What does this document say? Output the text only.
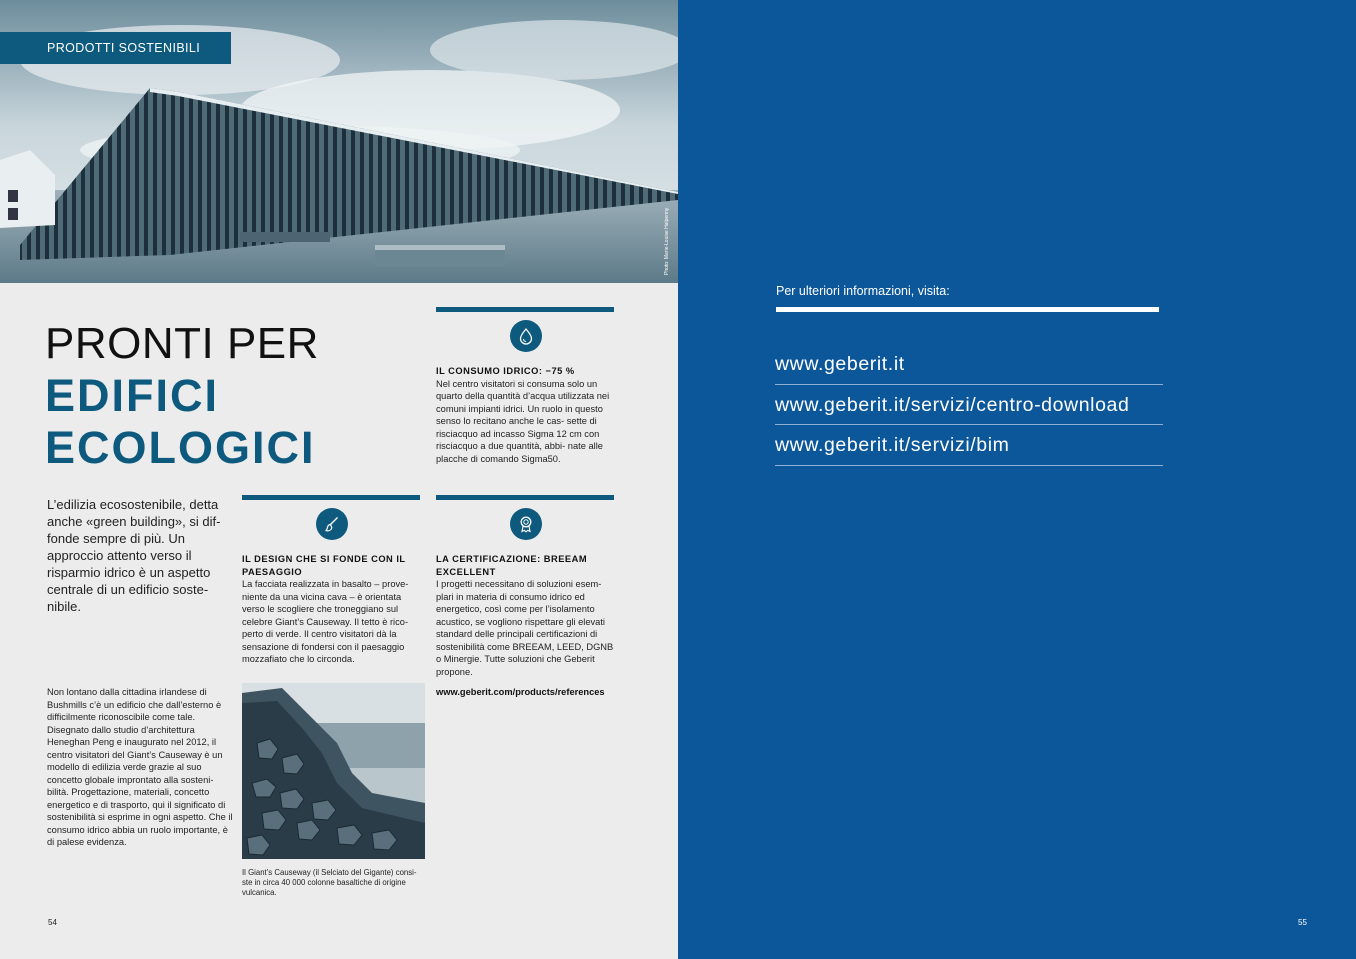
PRODOTTI SOSTENIBILI
Photo: Marie-Louise Halpenny
PRONTI PER
EDIFICI
ECOLOGICI
L’edilizia ecosostenibile, detta anche «green building», si dif- fonde sempre di più. Un approccio attento verso il risparmio idrico è un aspetto centrale di un edificio soste- nibile.
Non lontano dalla cittadina irlandese di Bushmills c’è un edificio che dall’esterno è difficilmente riconoscibile come tale. Disegnato dallo studio d’architettura Heneghan Peng e inaugurato nel 2012, il centro visitatori del Giant’s Causeway è un modello di edilizia verde grazie al suo concetto globale improntato alla sosteni- bilità. Progettazione, materiali, concetto energetico e di trasporto, qui il significato di sostenibilità si esprime in ogni aspetto. Che il consumo idrico abbia un ruolo importante, è di palese evidenza.
IL CONSUMO IDRICO: −75 %
Nel centro visitatori si consuma solo un quarto della quantità d’acqua utilizzata nei comuni impianti idrici. Un ruolo in questo senso lo recitano anche le cas- sette di risciacquo ad incasso Sigma 12 cm con risciacquo a due quantità, abbi- nate alle placche di comando Sigma50.
IL DESIGN CHE SI FONDE CON IL PAESAGGIO
La facciata realizzata in basalto – prove- niente da una vicina cava – è orientata verso le scogliere che troneggiano sul celebre Giant’s Causeway. Il tetto è rico- perto di verde. Il centro visitatori dà la sensazione di fondersi con il paesaggio mozzafiato che lo circonda.
LA CERTIFICAZIONE: BREEAM EXCELLENT
I progetti necessitano di soluzioni esem- plari in materia di consumo idrico ed energetico, così come per l’isolamento acustico, se vogliono rispettare gli elevati standard delle principali certificazioni di sostenibilità come BREEAM, LEED, DGNB o Minergie. Tutte soluzioni che Geberit propone.
www.geberit.com/products/references
Il Giant’s Causeway (il Selciato del Gigante) consi- ste in circa 40 000 colonne basaltiche di origine vulcanica.
54
Per ulteriori informazioni, visita:
www.geberit.it
www.geberit.it/servizi/centro-download
www.geberit.it/servizi/bim
55
